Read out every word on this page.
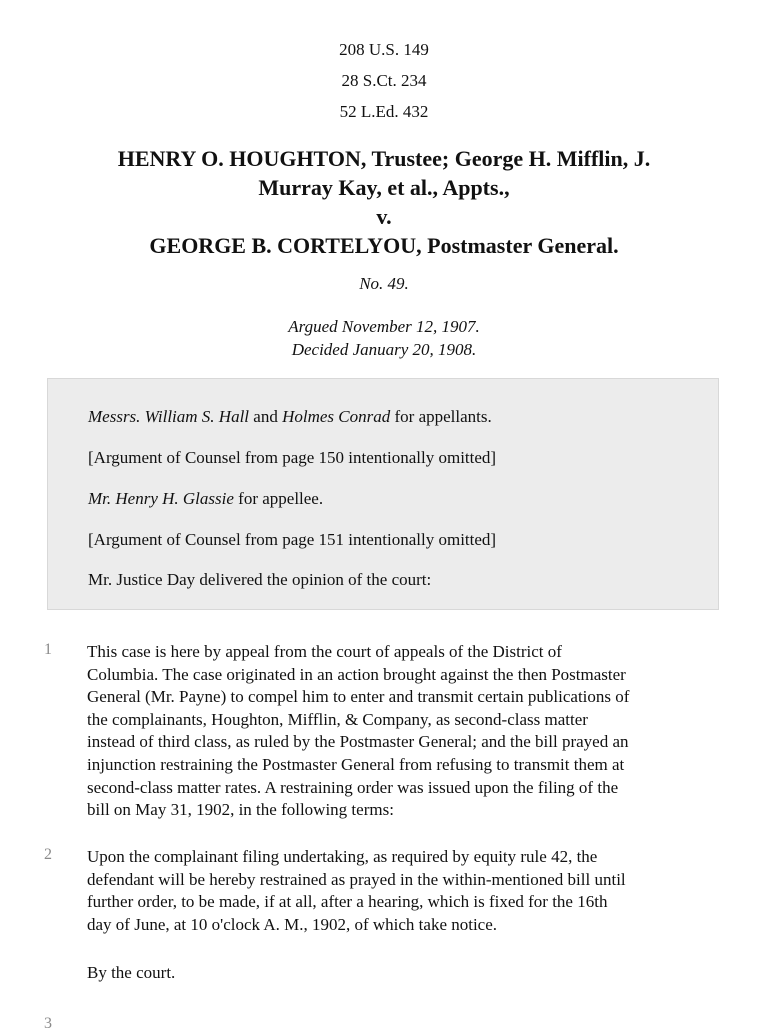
208 U.S. 149
28 S.Ct. 234
52 L.Ed. 432
HENRY O. HOUGHTON, Trustee; George H. Mifflin, J.
Murray Kay, et al., Appts.,
v.
GEORGE B. CORTELYOU, Postmaster General.
No. 49.
Argued November 12, 1907.
Decided January 20, 1908.
Messrs. William S. Hall and Holmes Conrad for appellants.
[Argument of Counsel from page 150 intentionally omitted]
Mr. Henry H. Glassie for appellee.
[Argument of Counsel from page 151 intentionally omitted]
Mr. Justice Day delivered the opinion of the court:
1 This case is here by appeal from the court of appeals of the District of
Columbia. The case originated in an action brought against the then Postmaster
General (Mr. Payne) to compel him to enter and transmit certain publications of
the complainants, Houghton, Mifflin, & Company, as second-class matter
instead of third class, as ruled by the Postmaster General; and the bill prayed an
injunction restraining the Postmaster General from refusing to transmit them at
second-class matter rates. A restraining order was issued upon the filing of the
bill on May 31, 1902, in the following terms:
2 Upon the complainant filing undertaking, as required by equity rule 42, the
defendant will be hereby restrained as prayed in the within-mentioned bill until
further order, to be made, if at all, after a hearing, which is fixed for the 16th
day of June, at 10 o'clock A. M., 1902, of which take notice.
By the court.
3
